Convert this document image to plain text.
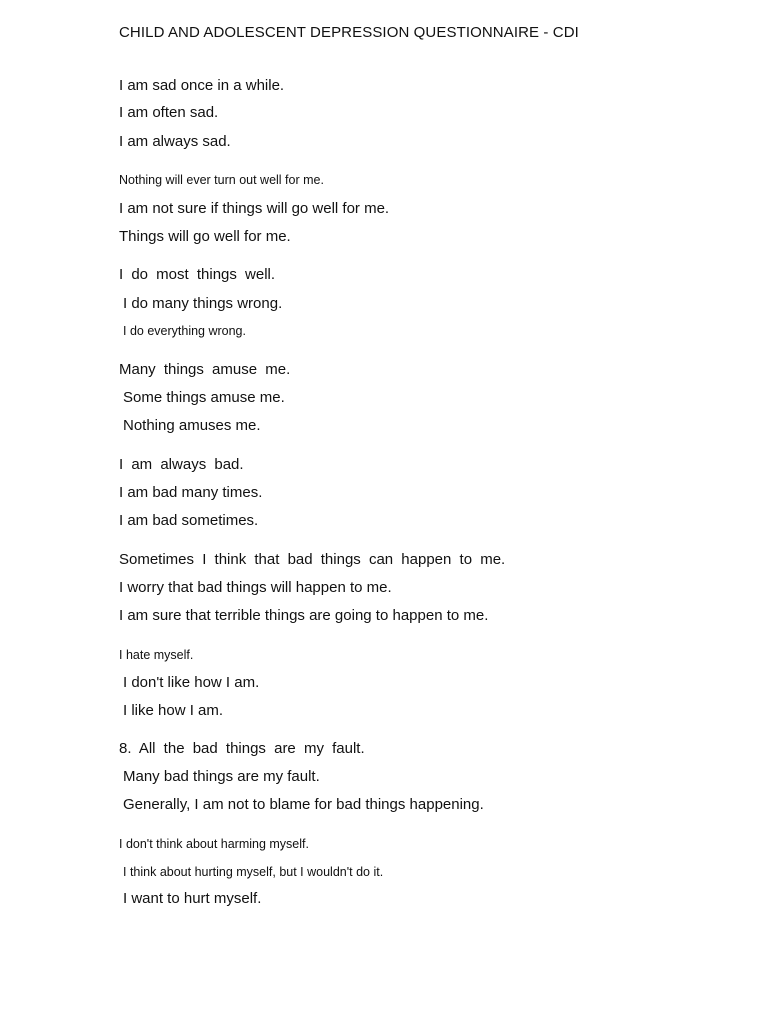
CHILD AND ADOLESCENT DEPRESSION QUESTIONNAIRE - CDI
I am sad once in a while.
I am often sad.
I am always sad.
Nothing will ever turn out well for me.
I am not sure if things will go well for me.
Things will go well for me.
I do most things well.
I do many things wrong.
I do everything wrong.
Many things amuse me.
Some things amuse me.
Nothing amuses me.
I am always bad.
I am bad many times.
I am bad sometimes.
Sometimes I think that bad things can happen to me.
I worry that bad things will happen to me.
I am sure that terrible things are going to happen to me.
I hate myself.
I don't like how I am.
I like how I am.
8. All the bad things are my fault.
Many bad things are my fault.
Generally, I am not to blame for bad things happening.
I don't think about harming myself.
I think about hurting myself, but I wouldn't do it.
I want to hurt myself.
